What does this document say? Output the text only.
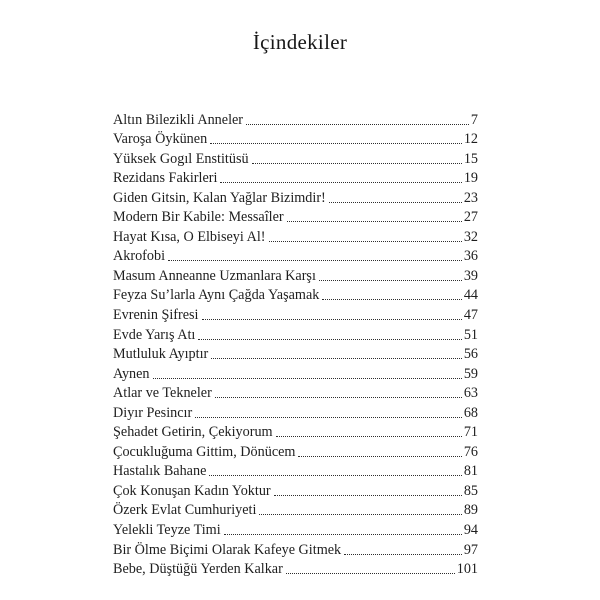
İçindekiler
Altın Bilezikli Anneler	7
Varoşa Öykünen	12
Yüksek Gogıl Enstitüsü	15
Rezidans Fakirleri	19
Giden Gitsin, Kalan Yağlar Bizimdir!	23
Modern Bir Kabile: Messaîler	27
Hayat Kısa, O Elbiseyi Al!	32
Akrofobi	36
Masum Anneanne Uzmanlara Karşı	39
Feyza Su’larla Aynı Çağda Yaşamak	44
Evrenin Şifresi	47
Evde Yarış Atı	51
Mutluluk Ayıptır	56
Aynen	59
Atlar ve Tekneler	63
Diyır Pesincır	68
Şehadet Getirin, Çekiyorum	71
Çocukluğuma Gittim, Dönücem	76
Hastalık Bahane	81
Çok Konuşan Kadın Yoktur	85
Özerk Evlat Cumhuriyeti	89
Yelekli Teyze Timi	94
Bir Ölme Biçimi Olarak Kafeye Gitmek	97
Bebe, Düştüğü Yerden Kalkar	101
